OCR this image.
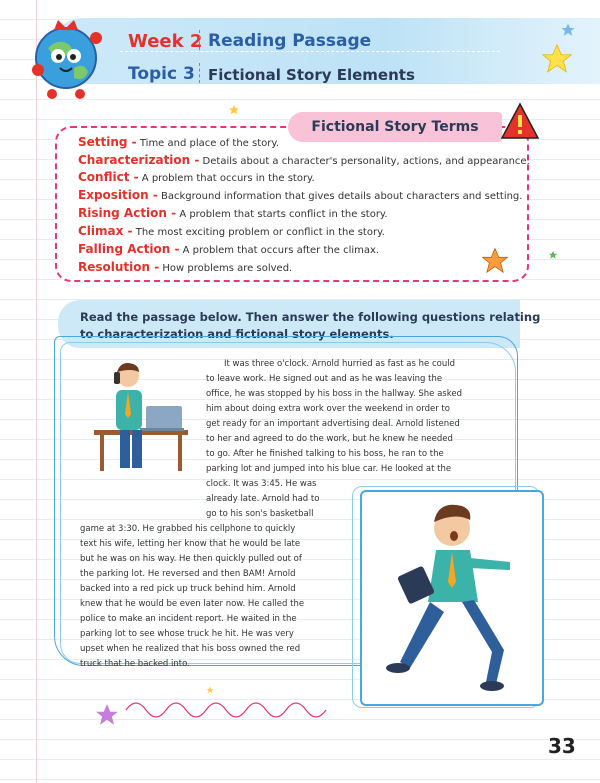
Week 2 Reading Passage
Topic 3 Fictional Story Elements
Fictional Story Terms
Setting - Time and place of the story.
Characterization - Details about a character's personality, actions, and appearance.
Conflict - A problem that occurs in the story.
Exposition - Background information that gives details about characters and setting.
Rising Action - A problem that starts conflict in the story.
Climax - The most exciting problem or conflict in the story.
Falling Action - A problem that occurs after the climax.
Resolution - How problems are solved.
Read the passage below. Then answer the following questions relating
to characterization and fictional story elements.
It was three o'clock. Arnold hurried as fast as he could
to leave work. He signed out and as he was leaving the
office, he was stopped by his boss in the hallway. She asked
him about doing extra work over the weekend in order to
get ready for an important advertising deal. Arnold listened
to her and agreed to do the work, but he knew he needed
to go. After he finished talking to his boss, he ran to the
parking lot and jumped into his blue car. He looked at the
clock. It was 3:45. He was
already late. Arnold had to
go to his son's basketball
game at 3:30. He grabbed his cellphone to quickly
text his wife, letting her know that he would be late
but he was on his way. He then quickly pulled out of
the parking lot. He reversed and then BAM! Arnold
backed into a red pick up truck behind him. Arnold
knew that he would be even later now. He called the
police to make an incident report. He waited in the
parking lot to see whose truck he hit. He was very
upset when he realized that his boss owned the red
truck that he backed into.
33
